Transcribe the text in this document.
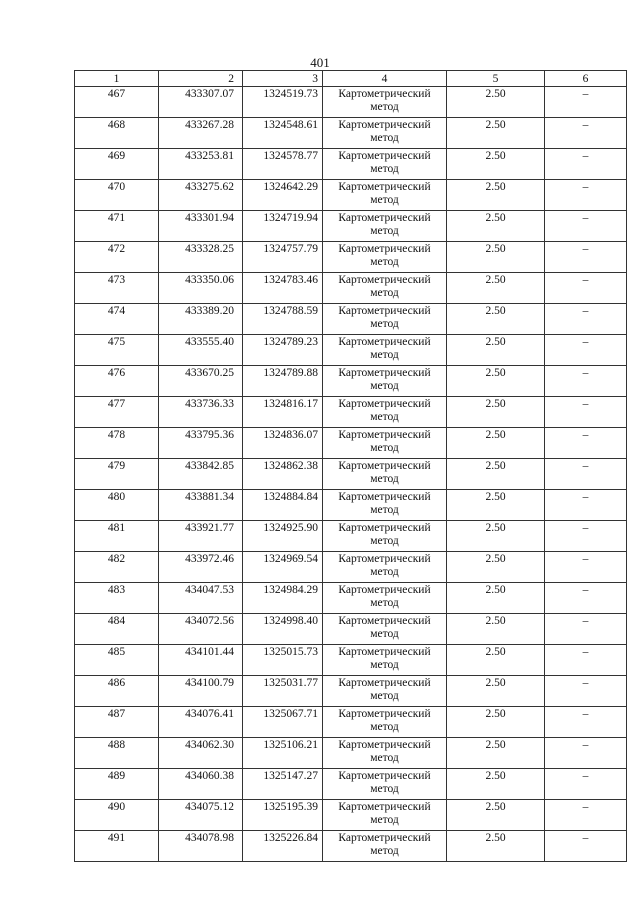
401
1	2	3	4	5	6
467	433307.07	1324519.73	Картометрический метод	2.50	–
468	433267.28	1324548.61	Картометрический метод	2.50	–
469	433253.81	1324578.77	Картометрический метод	2.50	–
470	433275.62	1324642.29	Картометрический метод	2.50	–
471	433301.94	1324719.94	Картометрический метод	2.50	–
472	433328.25	1324757.79	Картометрический метод	2.50	–
473	433350.06	1324783.46	Картометрический метод	2.50	–
474	433389.20	1324788.59	Картометрический метод	2.50	–
475	433555.40	1324789.23	Картометрический метод	2.50	–
476	433670.25	1324789.88	Картометрический метод	2.50	–
477	433736.33	1324816.17	Картометрический метод	2.50	–
478	433795.36	1324836.07	Картометрический метод	2.50	–
479	433842.85	1324862.38	Картометрический метод	2.50	–
480	433881.34	1324884.84	Картометрический метод	2.50	–
481	433921.77	1324925.90	Картометрический метод	2.50	–
482	433972.46	1324969.54	Картометрический метод	2.50	–
483	434047.53	1324984.29	Картометрический метод	2.50	–
484	434072.56	1324998.40	Картометрический метод	2.50	–
485	434101.44	1325015.73	Картометрический метод	2.50	–
486	434100.79	1325031.77	Картометрический метод	2.50	–
487	434076.41	1325067.71	Картометрический метод	2.50	–
488	434062.30	1325106.21	Картометрический метод	2.50	–
489	434060.38	1325147.27	Картометрический метод	2.50	–
490	434075.12	1325195.39	Картометрический метод	2.50	–
491	434078.98	1325226.84	Картометрический метод	2.50	–
